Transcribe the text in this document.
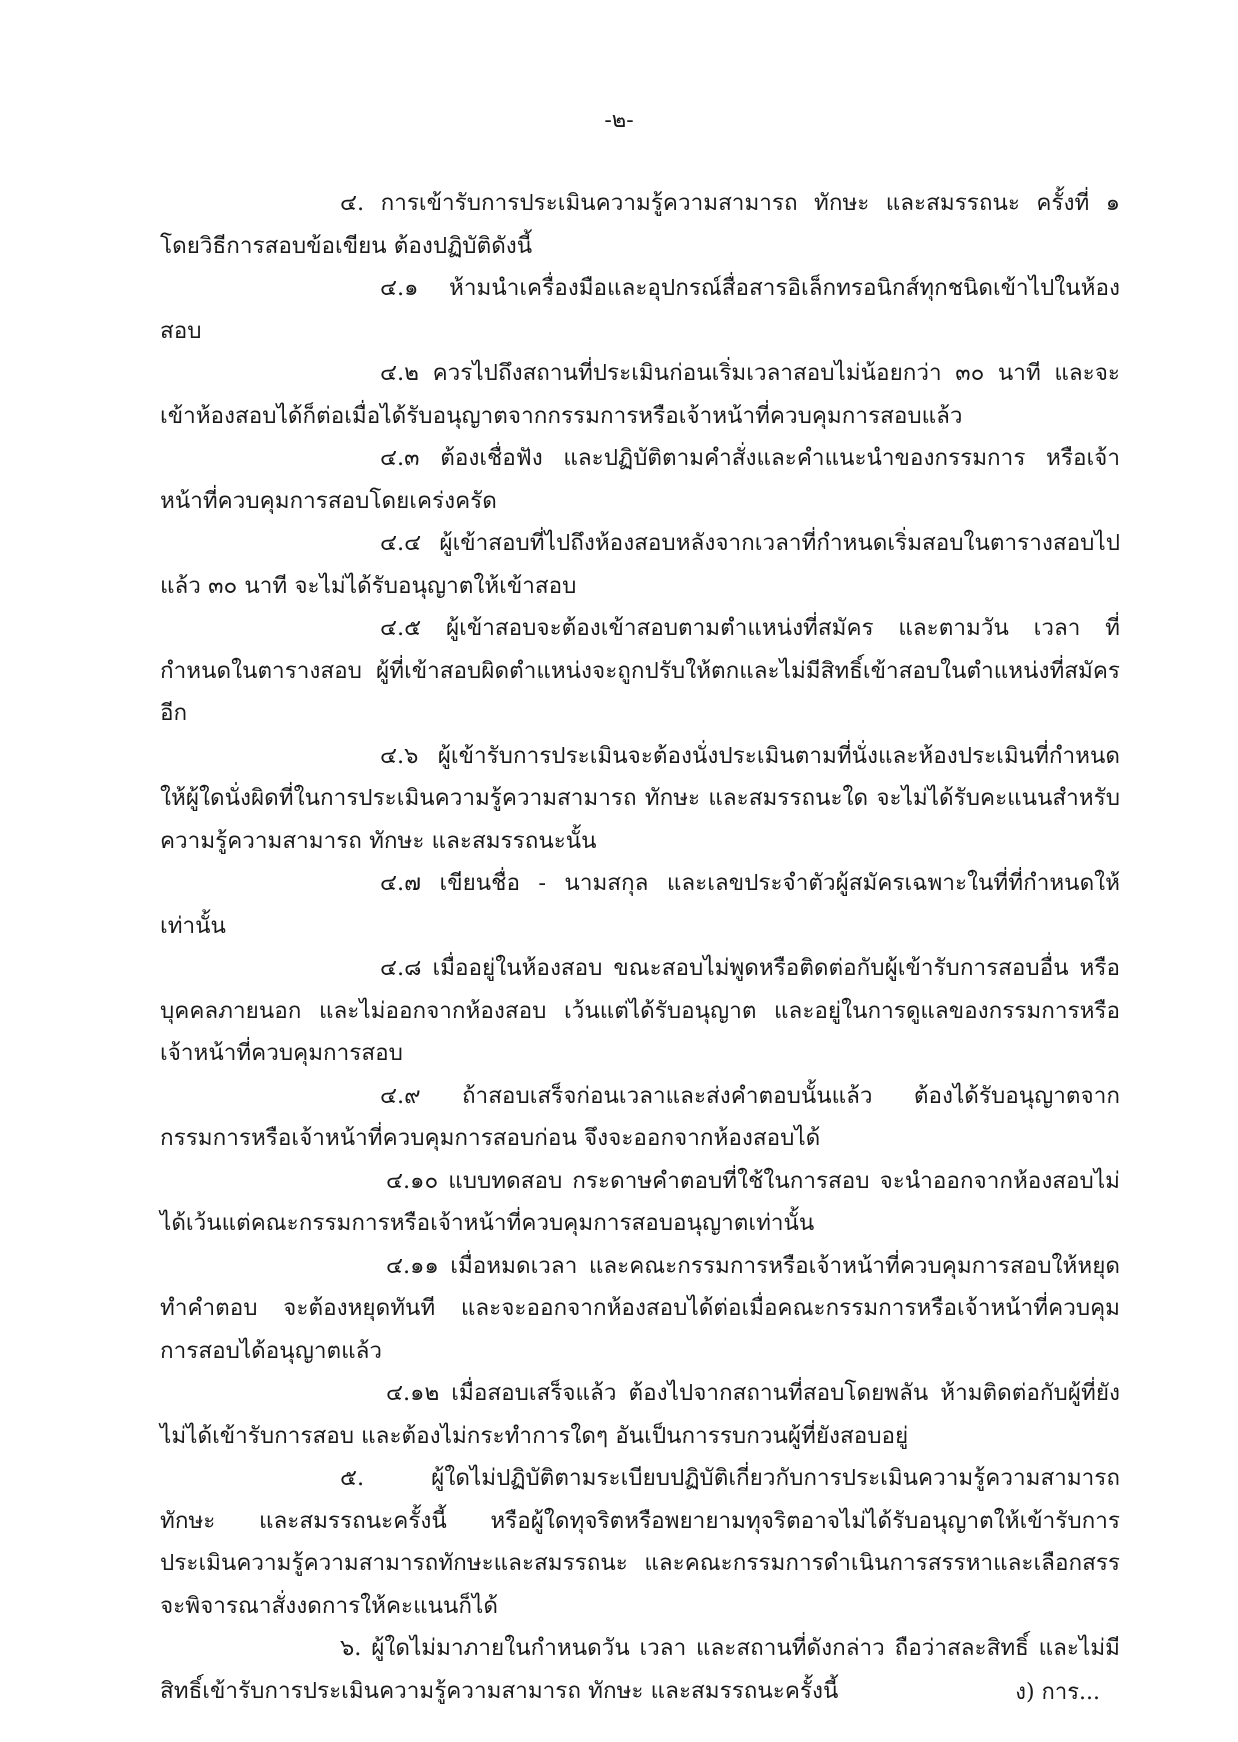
-๒-

๔. การเข้ารับการประเมินความรู้ความสามารถ ทักษะ และสมรรถนะ ครั้งที่ ๑ โดยวิธีการสอบข้อเขียน ต้องปฏิบัติดังนี้

๔.๑ ห้ามนำเครื่องมือและอุปกรณ์สื่อสารอิเล็กทรอนิกส์ทุกชนิดเข้าไปในห้องสอบ

๔.๒ ควรไปถึงสถานที่ประเมินก่อนเริ่มเวลาสอบไม่น้อยกว่า ๓๐ นาที และจะเข้าห้องสอบได้ก็ต่อเมื่อได้รับอนุญาตจากกรรมการหรือเจ้าหน้าที่ควบคุมการสอบแล้ว

๔.๓ ต้องเชื่อฟัง และปฏิบัติตามคำสั่งและคำแนะนำของกรรมการ หรือเจ้าหน้าที่ควบคุมการสอบโดยเคร่งครัด

๔.๔ ผู้เข้าสอบที่ไปถึงห้องสอบหลังจากเวลาที่กำหนดเริ่มสอบในตารางสอบไปแล้ว ๓๐ นาที จะไม่ได้รับอนุญาตให้เข้าสอบ

๔.๕ ผู้เข้าสอบจะต้องเข้าสอบตามตำแหน่งที่สมัคร และตามวัน เวลา ที่กำหนดในตารางสอบ ผู้ที่เข้าสอบผิดตำแหน่งจะถูกปรับให้ตกและไม่มีสิทธิ์เข้าสอบในตำแหน่งที่สมัครอีก

๔.๖ ผู้เข้ารับการประเมินจะต้องนั่งประเมินตามที่นั่งและห้องประเมินที่กำหนดให้ผู้ใดนั่งผิดที่ในการประเมินความรู้ความสามารถ ทักษะ และสมรรถนะใด จะไม่ได้รับคะแนนสำหรับความรู้ความสามารถ ทักษะ และสมรรถนะนั้น

๔.๗ เขียนชื่อ - นามสกุล และเลขประจำตัวผู้สมัครเฉพาะในที่ที่กำหนดให้เท่านั้น

๔.๘ เมื่ออยู่ในห้องสอบ ขณะสอบไม่พูดหรือติดต่อกับผู้เข้ารับการสอบอื่น หรือบุคคลภายนอก และไม่ออกจากห้องสอบ เว้นแต่ได้รับอนุญาต และอยู่ในการดูแลของกรรมการหรือเจ้าหน้าที่ควบคุมการสอบ

๔.๙ ถ้าสอบเสร็จก่อนเวลาและส่งคำตอบนั้นแล้ว ต้องได้รับอนุญาตจากกรรมการหรือเจ้าหน้าที่ควบคุมการสอบก่อน จึงจะออกจากห้องสอบได้

๔.๑๐ แบบทดสอบ กระดาษคำตอบที่ใช้ในการสอบ จะนำออกจากห้องสอบไม่ได้เว้นแต่คณะกรรมการหรือเจ้าหน้าที่ควบคุมการสอบอนุญาตเท่านั้น

๔.๑๑ เมื่อหมดเวลา และคณะกรรมการหรือเจ้าหน้าที่ควบคุมการสอบให้หยุดทำคำตอบ จะต้องหยุดทันที และจะออกจากห้องสอบได้ต่อเมื่อคณะกรรมการหรือเจ้าหน้าที่ควบคุมการสอบได้อนุญาตแล้ว

๔.๑๒ เมื่อสอบเสร็จแล้ว ต้องไปจากสถานที่สอบโดยพลัน ห้ามติดต่อกับผู้ที่ยังไม่ได้เข้ารับการสอบ และต้องไม่กระทำการใดๆ อันเป็นการรบกวนผู้ที่ยังสอบอยู่

๕. ผู้ใดไม่ปฏิบัติตามระเบียบปฏิบัติเกี่ยวกับการประเมินความรู้ความสามารถ ทักษะ และสมรรถนะครั้งนี้ หรือผู้ใดทุจริตหรือพยายามทุจริตอาจไม่ได้รับอนุญาตให้เข้ารับการประเมินความรู้ความสามารถทักษะและสมรรถนะ และคณะกรรมการดำเนินการสรรหาและเลือกสรรจะพิจารณาสั่งงดการให้คะแนนก็ได้

๖. ผู้ใดไม่มาภายในกำหนดวัน เวลา และสถานที่ดังกล่าว ถือว่าสละสิทธิ์ และไม่มีสิทธิ์เข้ารับการประเมินความรู้ความสามารถ ทักษะ และสมรรถนะครั้งนี้	ง) การ...
